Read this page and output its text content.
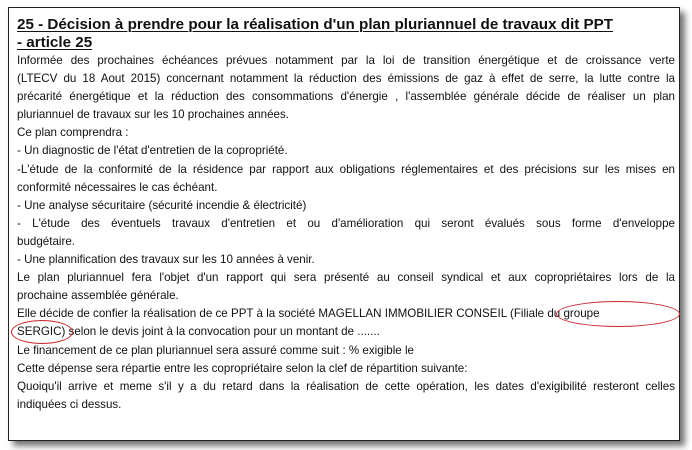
25 - Décision à prendre pour la réalisation d'un plan pluriannuel de travaux dit PPT
- article 25
Informée des prochaines échéances prévues notamment par la loi de transition énergétique et de croissance verte
(LTECV du 18 Aout 2015) concernant notamment la réduction des émissions de gaz à effet de serre, la lutte contre la
précarité énergétique et la réduction des consommations d'énergie , l'assemblée générale décide de réaliser un plan
pluriannuel de travaux sur les 10 prochaines années.
Ce plan comprendra :
- Un diagnostic de l'état d'entretien de la copropriété.
-L'étude de la conformité de la résidence par rapport aux obligations réglementaires et des précisions sur les mises en
conformité nécessaires le cas échéant.
- Une analyse sécuritaire (sécurité incendie & électricité)
- L'étude des éventuels travaux d'entretien et ou d'amélioration qui seront évalués sous forme d'enveloppe
budgétaire.
- Une plannification des travaux sur les 10 années à venir.
Le plan pluriannuel fera l'objet d'un rapport qui sera présenté au conseil syndical et aux copropriétaires lors de la
prochaine assemblée générale.
Elle décide de confier la réalisation de ce PPT à la société MAGELLAN IMMOBILIER CONSEIL (Filiale du groupe
SERGIC) selon le devis joint à la convocation pour un montant de .......
Le financement de ce plan pluriannuel sera assuré comme suit : % exigible le
Cette dépense sera répartie entre les copropriétaire selon la clef de répartition suivante:
Quoiqu'il arrive et meme s'il y a du retard dans la réalisation de cette opération, les dates d'exigibilité resteront celles
indiquées ci dessus.
